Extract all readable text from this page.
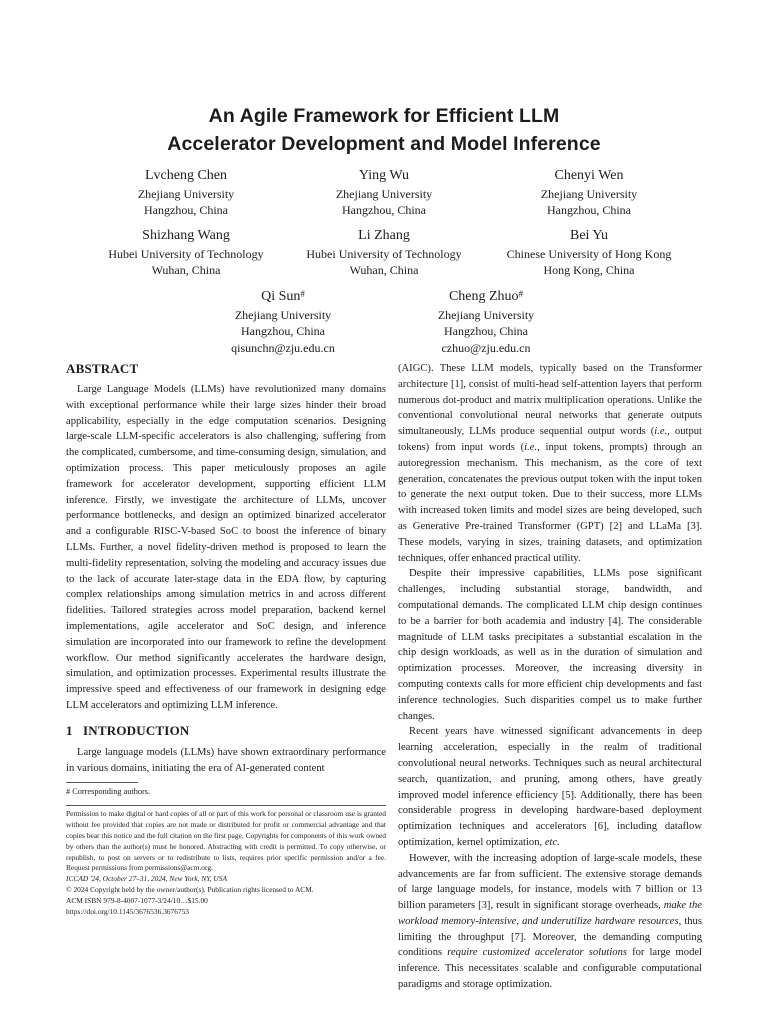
An Agile Framework for Efficient LLM
Accelerator Development and Model Inference
Lvcheng Chen
Zhejiang University
Hangzhou, China
Ying Wu
Zhejiang University
Hangzhou, China
Chenyi Wen
Zhejiang University
Hangzhou, China
Shizhang Wang
Hubei University of Technology
Wuhan, China
Li Zhang
Hubei University of Technology
Wuhan, China
Bei Yu
Chinese University of Hong Kong
Hong Kong, China
Qi Sun#
Zhejiang University
Hangzhou, China
qisunchn@zju.edu.cn
Cheng Zhuo#
Zhejiang University
Hangzhou, China
czhuo@zju.edu.cn
ABSTRACT

Large Language Models (LLMs) have revolutionized many domains with exceptional performance while their large sizes hinder their broad applicability, especially in the edge computation scenarios. Designing large-scale LLM-specific accelerators is also challenging, suffering from the complicated, cumbersome, and time-consuming design, simulation, and optimization process. This paper meticulously proposes an agile framework for accelerator development, supporting efficient LLM inference. Firstly, we investigate the architecture of LLMs, uncover performance bottlenecks, and design an optimized binarized accelerator and a configurable RISC-V-based SoC to boost the inference of binary LLMs. Further, a novel fidelity-driven method is proposed to learn the multi-fidelity representation, solving the modeling and accuracy issues due to the lack of accurate later-stage data in the EDA flow, by capturing complex relationships among simulation metrics in and across different fidelities. Tailored strategies across model preparation, backend kernel implementations, agile accelerator and SoC design, and inference simulation are incorporated into our framework to refine the development workflow. Our method significantly accelerates the hardware design, simulation, and optimization processes. Experimental results illustrate the impressive speed and effectiveness of our framework in designing edge LLM accelerators and optimizing LLM inference.

1   INTRODUCTION

Large language models (LLMs) have shown extraordinary performance in various domains, initiating the era of AI-generated content

# Corresponding authors.
Permission to make digital or hard copies of all or part of this work for personal or classroom use is granted without fee provided that copies are not made or distributed for profit or commercial advantage and that copies bear this notice and the full citation on the first page. Copyrights for components of this work owned by others than the author(s) must be honored. Abstracting with credit is permitted. To copy otherwise, or republish, to post on servers or to redistribute to lists, requires prior specific permission and/or a fee. Request permissions from permissions@acm.org.
ICCAD '24, October 27–31, 2024, New York, NY, USA
© 2024 Copyright held by the owner/author(s). Publication rights licensed to ACM.
ACM ISBN 979-8-4007-1077-3/24/10…$15.00
https://doi.org/10.1145/3676536.3676753

(AIGC). These LLM models, typically based on the Transformer architecture [1], consist of multi-head self-attention layers that perform numerous dot-product and matrix multiplication operations. Unlike the conventional convolutional neural networks that generate outputs simultaneously, LLMs produce sequential output words (i.e., output tokens) from input words (i.e., input tokens, prompts) through an autoregression mechanism. This mechanism, as the core of text generation, concatenates the previous output token with the input token to generate the next output token. Due to their success, more LLMs with increased token limits and model sizes are being developed, such as Generative Pre-trained Transformer (GPT) [2] and LLaMa [3]. These models, varying in sizes, training datasets, and optimization techniques, offer enhanced practical utility.

Despite their impressive capabilities, LLMs pose significant challenges, including substantial storage, bandwidth, and computational demands. The complicated LLM chip design continues to be a barrier for both academia and industry [4]. The considerable magnitude of LLM tasks precipitates a substantial escalation in the chip design workloads, as well as in the duration of simulation and optimization processes. Moreover, the increasing diversity in computing contexts calls for more efficient chip developments and fast inference technologies. Such disparities compel us to make further changes.

Recent years have witnessed significant advancements in deep learning acceleration, especially in the realm of traditional convolutional neural networks. Techniques such as neural architectural search, quantization, and pruning, among others, have greatly improved model inference efficiency [5]. Additionally, there has been considerable progress in developing hardware-based deployment optimization techniques and accelerators [6], including dataflow optimization, kernel optimization, etc.

However, with the increasing adoption of large-scale models, these advancements are far from sufficient. The extensive storage demands of large language models, for instance, models with 7 billion or 13 billion parameters [3], result in significant storage overheads, make the workload memory-intensive, and underutilize hardware resources, thus limiting the throughput [7]. Moreover, the demanding computing conditions require customized accelerator solutions for large model inference. This necessitates scalable and configurable computational paradigms and storage optimization.
